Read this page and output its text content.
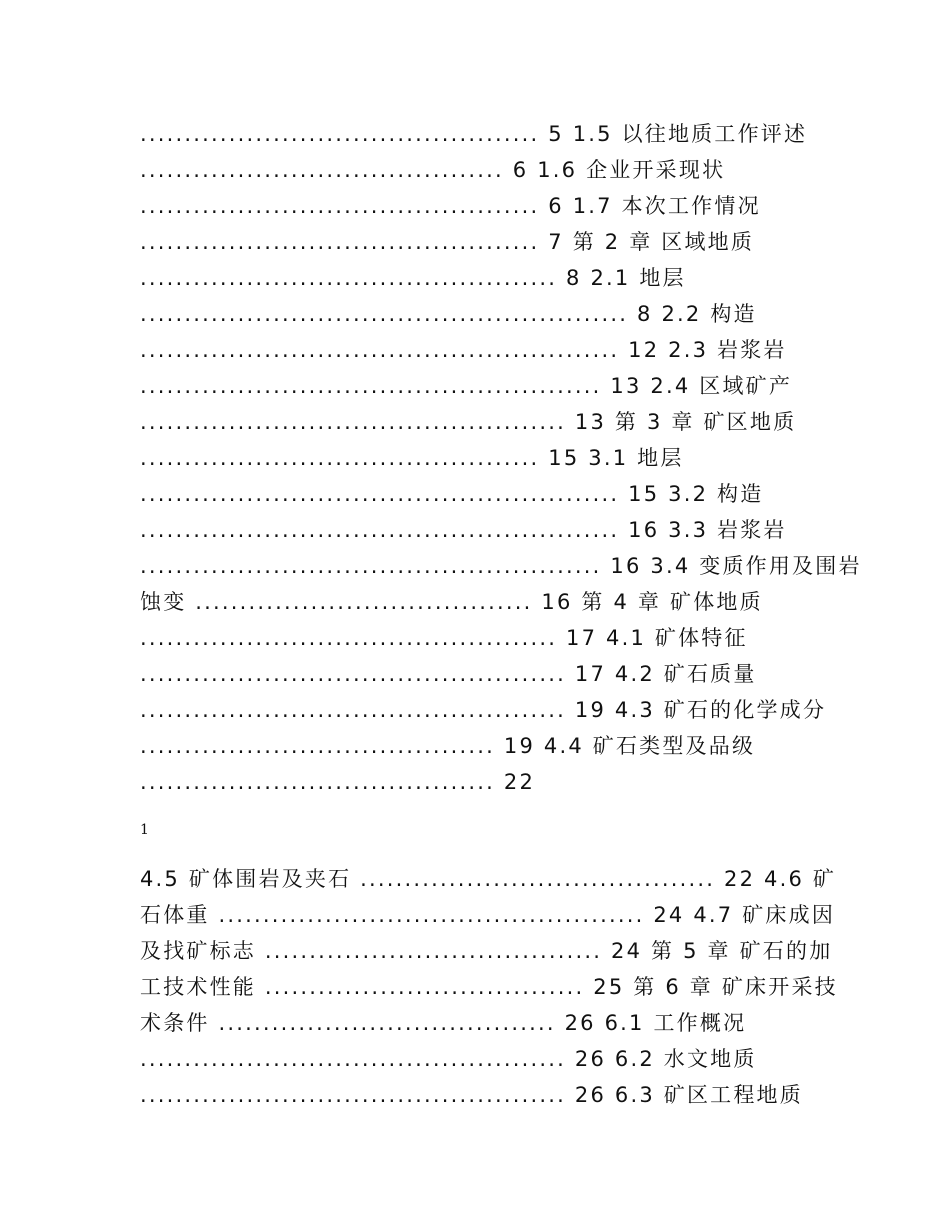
............................................. 5 1.5 以往地质工作评述
......................................... 6 1.6 企业开采现状
............................................. 6 1.7 本次工作情况
............................................. 7 第 2 章 区域地质
............................................... 8 2.1 地层
....................................................... 8 2.2 构造
...................................................... 12 2.3 岩浆岩
.................................................... 13 2.4 区域矿产
................................................ 13 第 3 章 矿区地质
............................................. 15 3.1 地层
...................................................... 15 3.2 构造
...................................................... 16 3.3 岩浆岩
.................................................... 16 3.4 变质作用及围岩
蚀变 ...................................... 16 第 4 章 矿体地质
............................................... 17 4.1 矿体特征
................................................ 17 4.2 矿石质量
................................................ 19 4.3 矿石的化学成分
........................................ 19 4.4 矿石类型及品级
........................................ 22
1
4.5 矿体围岩及夹石 ........................................ 22 4.6 矿
石体重 ................................................ 24 4.7 矿床成因
及找矿标志 ...................................... 24 第 5 章 矿石的加
工技术性能 .................................... 25 第 6 章 矿床开采技
术条件 ...................................... 26 6.1 工作概况
................................................ 26 6.2 水文地质
................................................ 26 6.3 矿区工程地质
